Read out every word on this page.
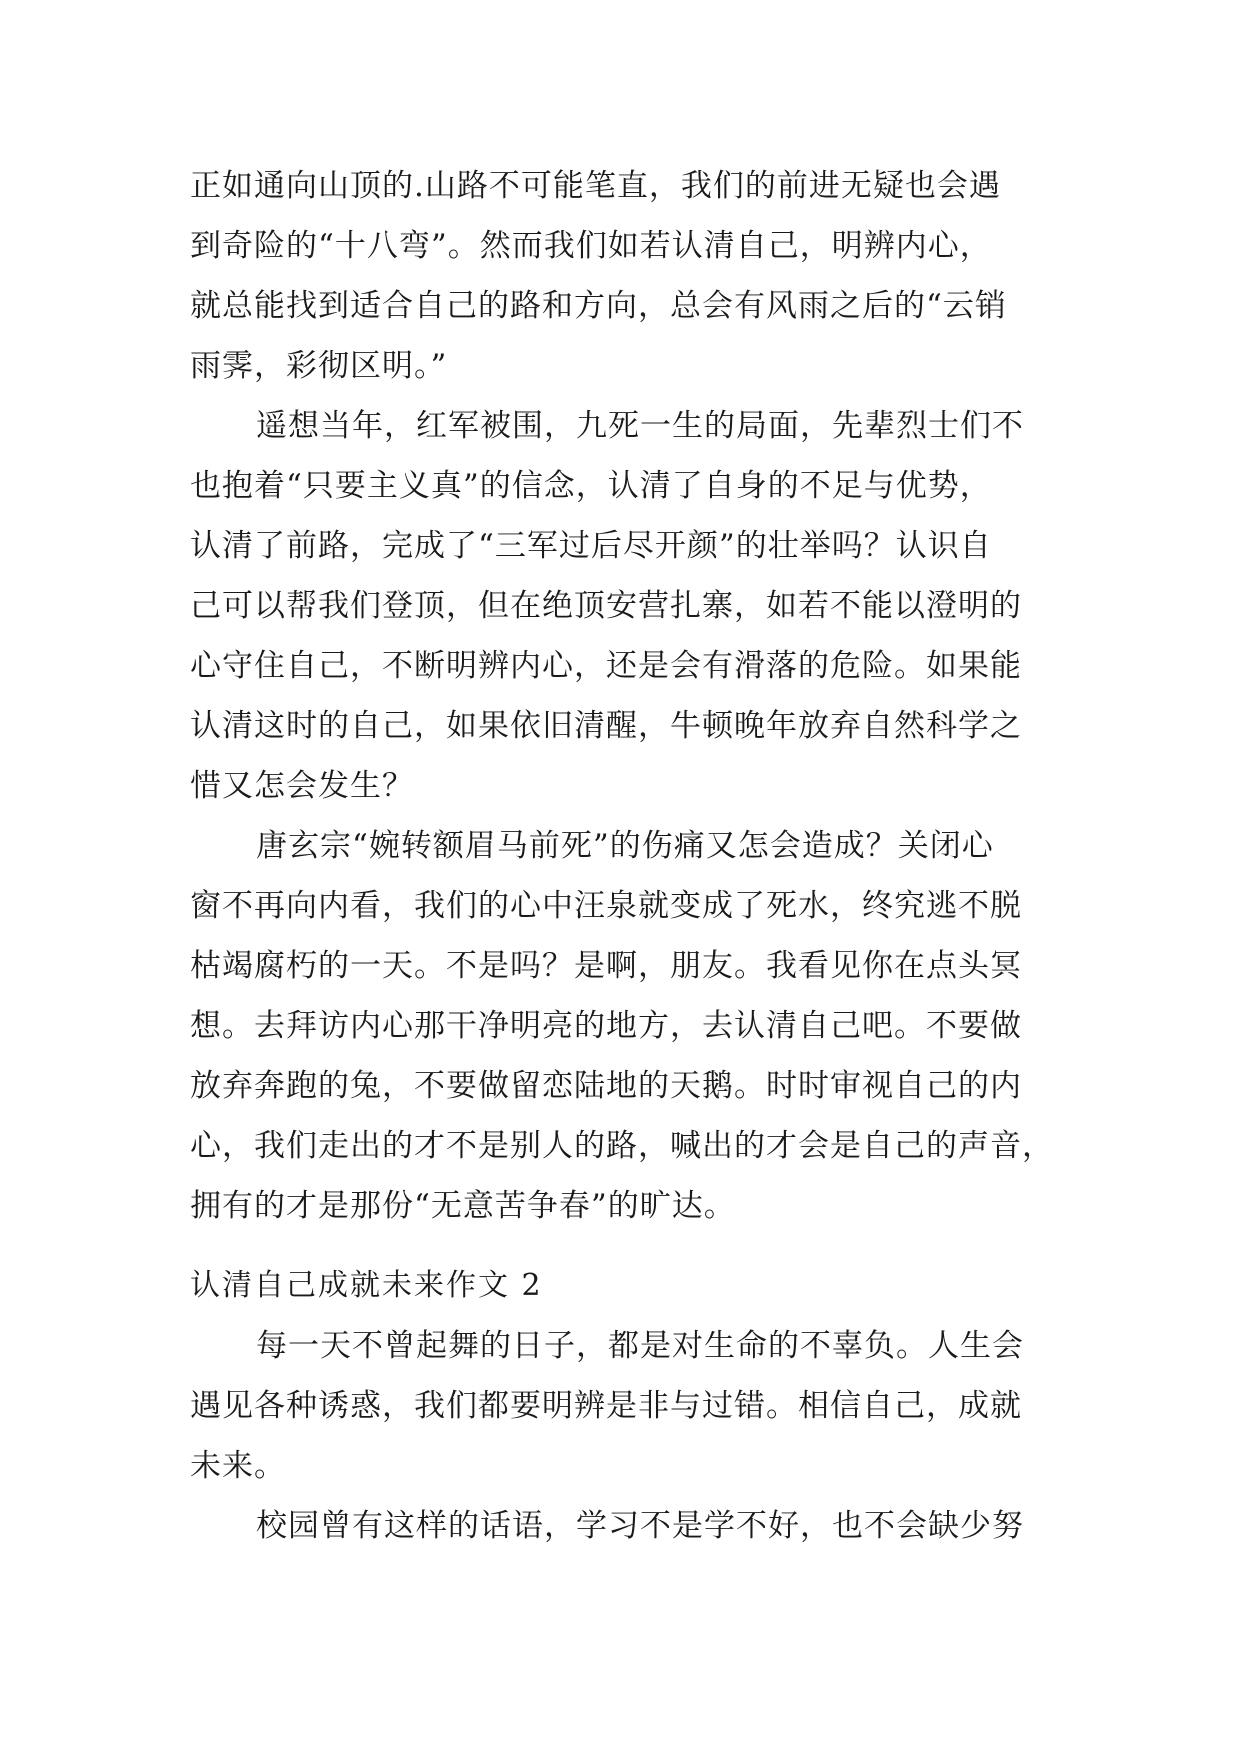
正如通向山顶的.山路不可能笔直，我们的前进无疑也会遇
到奇险的“十八弯”。然而我们如若认清自己，明辨内心，
就总能找到适合自己的路和方向，总会有风雨之后的“云销
雨霁，彩彻区明。”
遥想当年，红军被围，九死一生的局面，先辈烈士们不
也抱着“只要主义真”的信念，认清了自身的不足与优势，
认清了前路，完成了“三军过后尽开颜”的壮举吗？认识自
己可以帮我们登顶，但在绝顶安营扎寨，如若不能以澄明的
心守住自己，不断明辨内心，还是会有滑落的危险。如果能
认清这时的自己，如果依旧清醒，牛顿晚年放弃自然科学之
惜又怎会发生？
唐玄宗“婉转额眉马前死”的伤痛又怎会造成？关闭心
窗不再向内看，我们的心中汪泉就变成了死水，终究逃不脱
枯竭腐朽的一天。不是吗？是啊，朋友。我看见你在点头冥
想。去拜访内心那干净明亮的地方，去认清自己吧。不要做
放弃奔跑的兔，不要做留恋陆地的天鹅。时时审视自己的内
心，我们走出的才不是别人的路，喊出的才会是自己的声音，
拥有的才是那份“无意苦争春”的旷达。
认清自己成就未来作文 2
每一天不曾起舞的日子，都是对生命的不辜负。人生会
遇见各种诱惑，我们都要明辨是非与过错。相信自己，成就
未来。
校园曾有这样的话语，学习不是学不好，也不会缺少努
